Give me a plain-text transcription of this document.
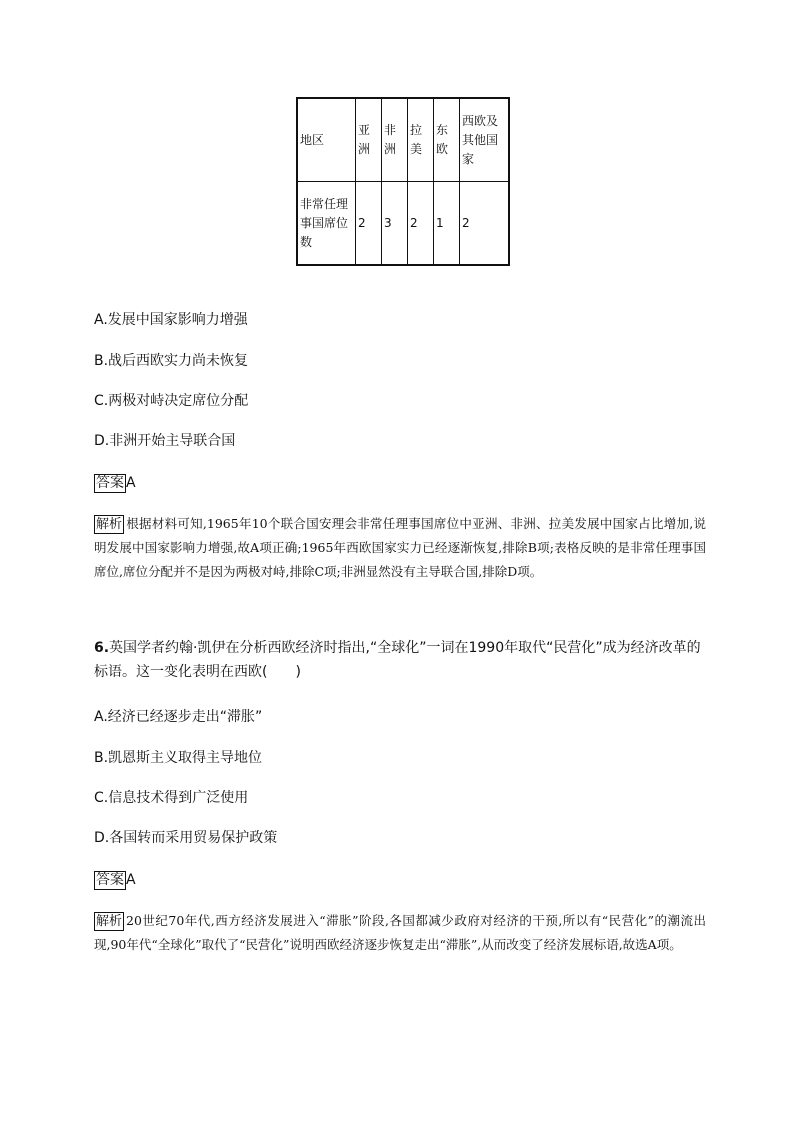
地区	亚洲	非洲	拉美	东欧	西欧及其他国家

非常任理事国席位数	2	3	2	1	2
A.发展中国家影响力增强
B.战后西欧实力尚未恢复
C.两极对峙决定席位分配
D.非洲开始主导联合国
答案 A
解析 根据材料可知,1965年10个联合国安理会非常任理事国席位中亚洲、非洲、拉美发展中国家占比增加,说明发展中国家影响力增强,故A项正确;1965年西欧国家实力已经逐渐恢复,排除B项;表格反映的是非常任理事国席位,席位分配并不是因为两极对峙,排除C项;非洲显然没有主导联合国,排除D项。
6.英国学者约翰·凯伊在分析西欧经济时指出,“全球化”一词在1990年取代“民营化”成为经济改革的标语。这一变化表明在西欧(　　)
A.经济已经逐步走出“滞胀”
B.凯恩斯主义取得主导地位
C.信息技术得到广泛使用
D.各国转而采用贸易保护政策
答案 A
解析 20世纪70年代,西方经济发展进入“滞胀”阶段,各国都减少政府对经济的干预,所以有“民营化”的潮流出现,90年代“全球化”取代了“民营化”说明西欧经济逐步恢复走出“滞胀”,从而改变了经济发展标语,故选A项。
